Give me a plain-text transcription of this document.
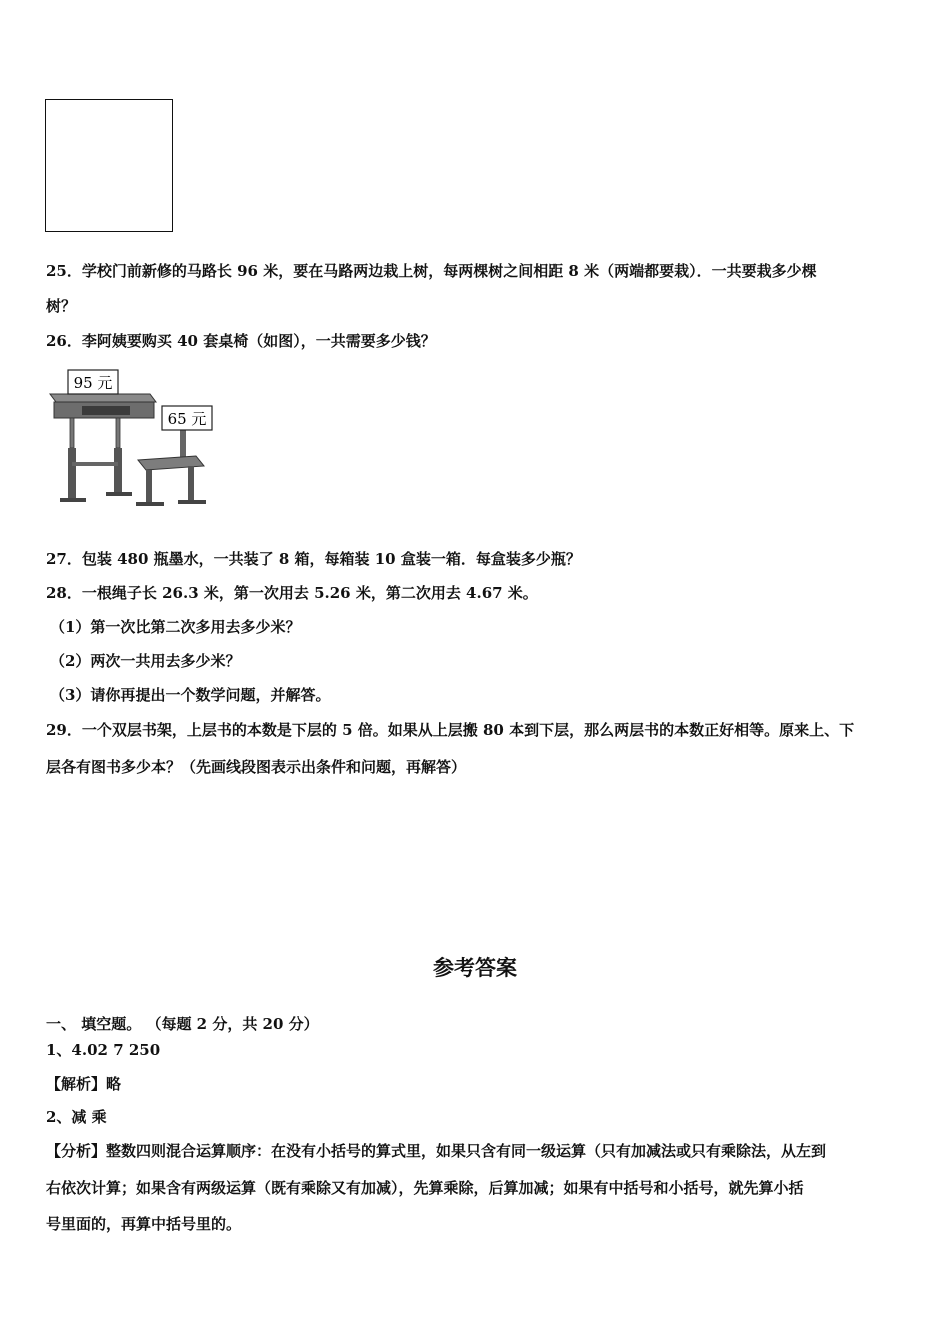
25．学校门前新修的马路长 96 米，要在马路两边栽上树，每两棵树之间相距 8 米（两端都要栽）．一共要栽多少棵
树？
26．李阿姨要购买 40 套桌椅（如图），一共需要多少钱？
95 元
65 元
27．包装 480 瓶墨水，一共装了 8 箱，每箱装 10 盒装一箱．每盒装多少瓶？
28．一根绳子长 26.3 米，第一次用去 5.26 米，第二次用去 4.67 米。
（1）第一次比第二次多用去多少米？
（2）两次一共用去多少米？
（3）请你再提出一个数学问题，并解答。
29．一个双层书架，上层书的本数是下层的 5 倍。如果从上层搬 80 本到下层，那么两层书的本数正好相等。原来上、下
层各有图书多少本？（先画线段图表示出条件和问题，再解答）
参考答案
一、 填空题。 （每题 2 分，共 20 分）
1、4.02 7 250
【解析】略
2、减 乘
【分析】整数四则混合运算顺序：在没有小括号的算式里，如果只含有同一级运算（只有加减法或只有乘除法，从左到
右依次计算；如果含有两级运算（既有乘除又有加减），先算乘除，后算加减；如果有中括号和小括号，就先算小括
号里面的，再算中括号里的。
